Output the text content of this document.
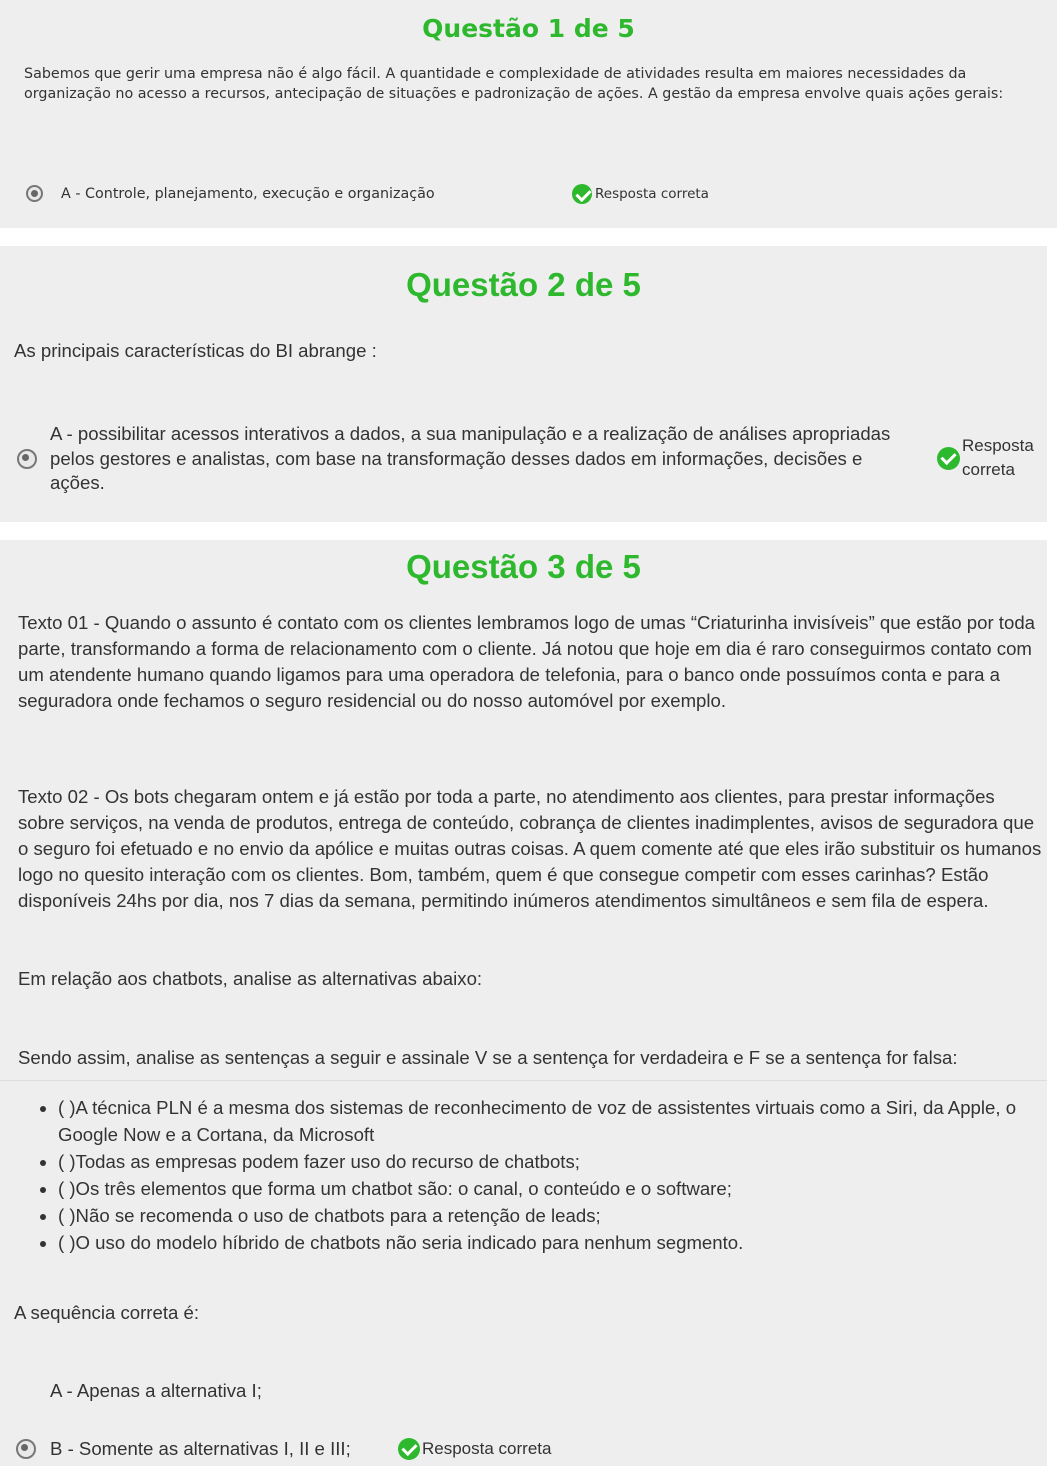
Questão 1 de 5

Sabemos que gerir uma empresa não é algo fácil. A quantidade e complexidade de atividades resulta em maiores necessidades da organização no acesso a recursos, antecipação de situações e padronização de ações. A gestão da empresa envolve quais ações gerais:

A - Controle, planejamento, execução e organização	Resposta correta
Questão 2 de 5

As principais características do BI abrange :

A - possibilitar acessos interativos a dados, a sua manipulação e a realização de análises apropriadas pelos gestores e analistas, com base na transformação desses dados em informações, decisões e ações.

Resposta correta
Questão 3 de 5

Texto 01 - Quando o assunto é contato com os clientes lembramos logo de umas “Criaturinha invisíveis” que estão por toda parte, transformando a forma de relacionamento com o cliente. Já notou que hoje em dia é raro conseguirmos contato com um atendente humano quando ligamos para uma operadora de telefonia, para o banco onde possuímos conta e para a seguradora onde fechamos o seguro residencial ou do nosso automóvel por exemplo.

Texto 02 - Os bots chegaram ontem e já estão por toda a parte, no atendimento aos clientes, para prestar informações sobre serviços, na venda de produtos, entrega de conteúdo, cobrança de clientes inadimplentes, avisos de seguradora que o seguro foi efetuado e no envio da apólice e muitas outras coisas. A quem comente até que eles irão substituir os humanos logo no quesito interação com os clientes. Bom, também, quem é que consegue competir com esses carinhas? Estão disponíveis 24hs por dia, nos 7 dias da semana, permitindo inúmeros atendimentos simultâneos e sem fila de espera.

Em relação aos chatbots, analise as alternativas abaixo:

Sendo assim, analise as sentenças a seguir e assinale V se a sentença for verdadeira e F se a sentença for falsa:

• ( )A técnica PLN é a mesma dos sistemas de reconhecimento de voz de assistentes virtuais como a Siri, da Apple, o Google Now e a Cortana, da Microsoft
• ( )Todas as empresas podem fazer uso do recurso de chatbots;
• ( )Os três elementos que forma um chatbot são: o canal, o conteúdo e o software;
• ( )Não se recomenda o uso de chatbots para a retenção de leads;
• ( )O uso do modelo híbrido de chatbots não seria indicado para nenhum segmento.

A sequência correta é:

A - Apenas a alternativa I;

B - Somente as alternativas I, II e III;	Resposta correta
